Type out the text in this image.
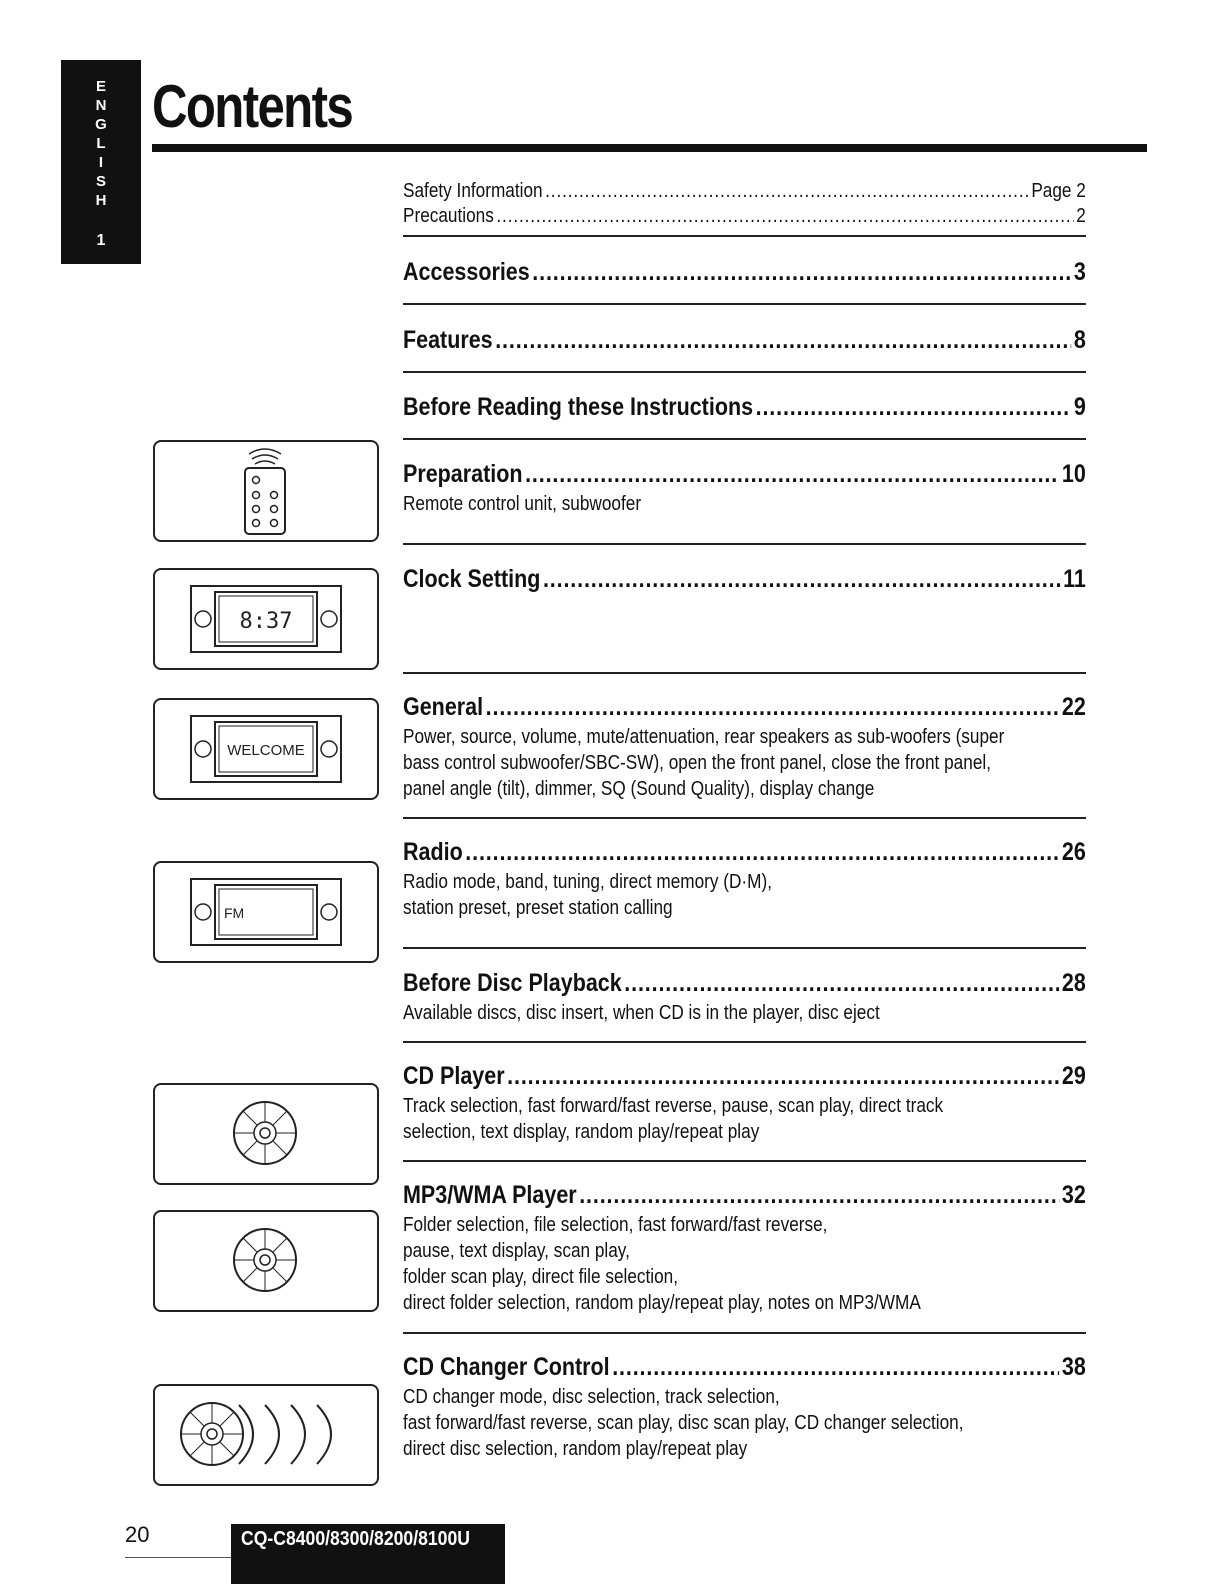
E
N
G
L
I
S
H
1
Contents
Safety Information .....	Page 2
Precautions .....	2
Accessories .....	3
Features .....	8
Before Reading these Instructions .....	9
Preparation .....	10
Remote control unit, subwoofer
8:37
Clock Setting .....	11
WELCOME
General .....	22
Power, source, volume, mute/attenuation, rear speakers as sub-woofers (super
bass control subwoofer/SBC-SW), open the front panel, close the front panel,
panel angle (tilt), dimmer, SQ (Sound Quality), display change
FM
Radio .....	26
Radio mode, band, tuning, direct memory (D·M),
station preset, preset station calling
Before Disc Playback .....	28
Available discs, disc insert, when CD is in the player, disc eject
CD Player .....	29
Track selection, fast forward/fast reverse, pause, scan play, direct track
selection, text display, random play/repeat play
MP3/WMA Player .....	32
Folder selection, file selection, fast forward/fast reverse,
pause, text display, scan play,
folder scan play, direct file selection,
direct folder selection, random play/repeat play, notes on MP3/WMA
CD Changer Control .....	38
CD changer mode, disc selection, track selection,
fast forward/fast reverse, scan play, disc scan play, CD changer selection,
direct disc selection, random play/repeat play
20	CQ-C8400/8300/8200/8100U
